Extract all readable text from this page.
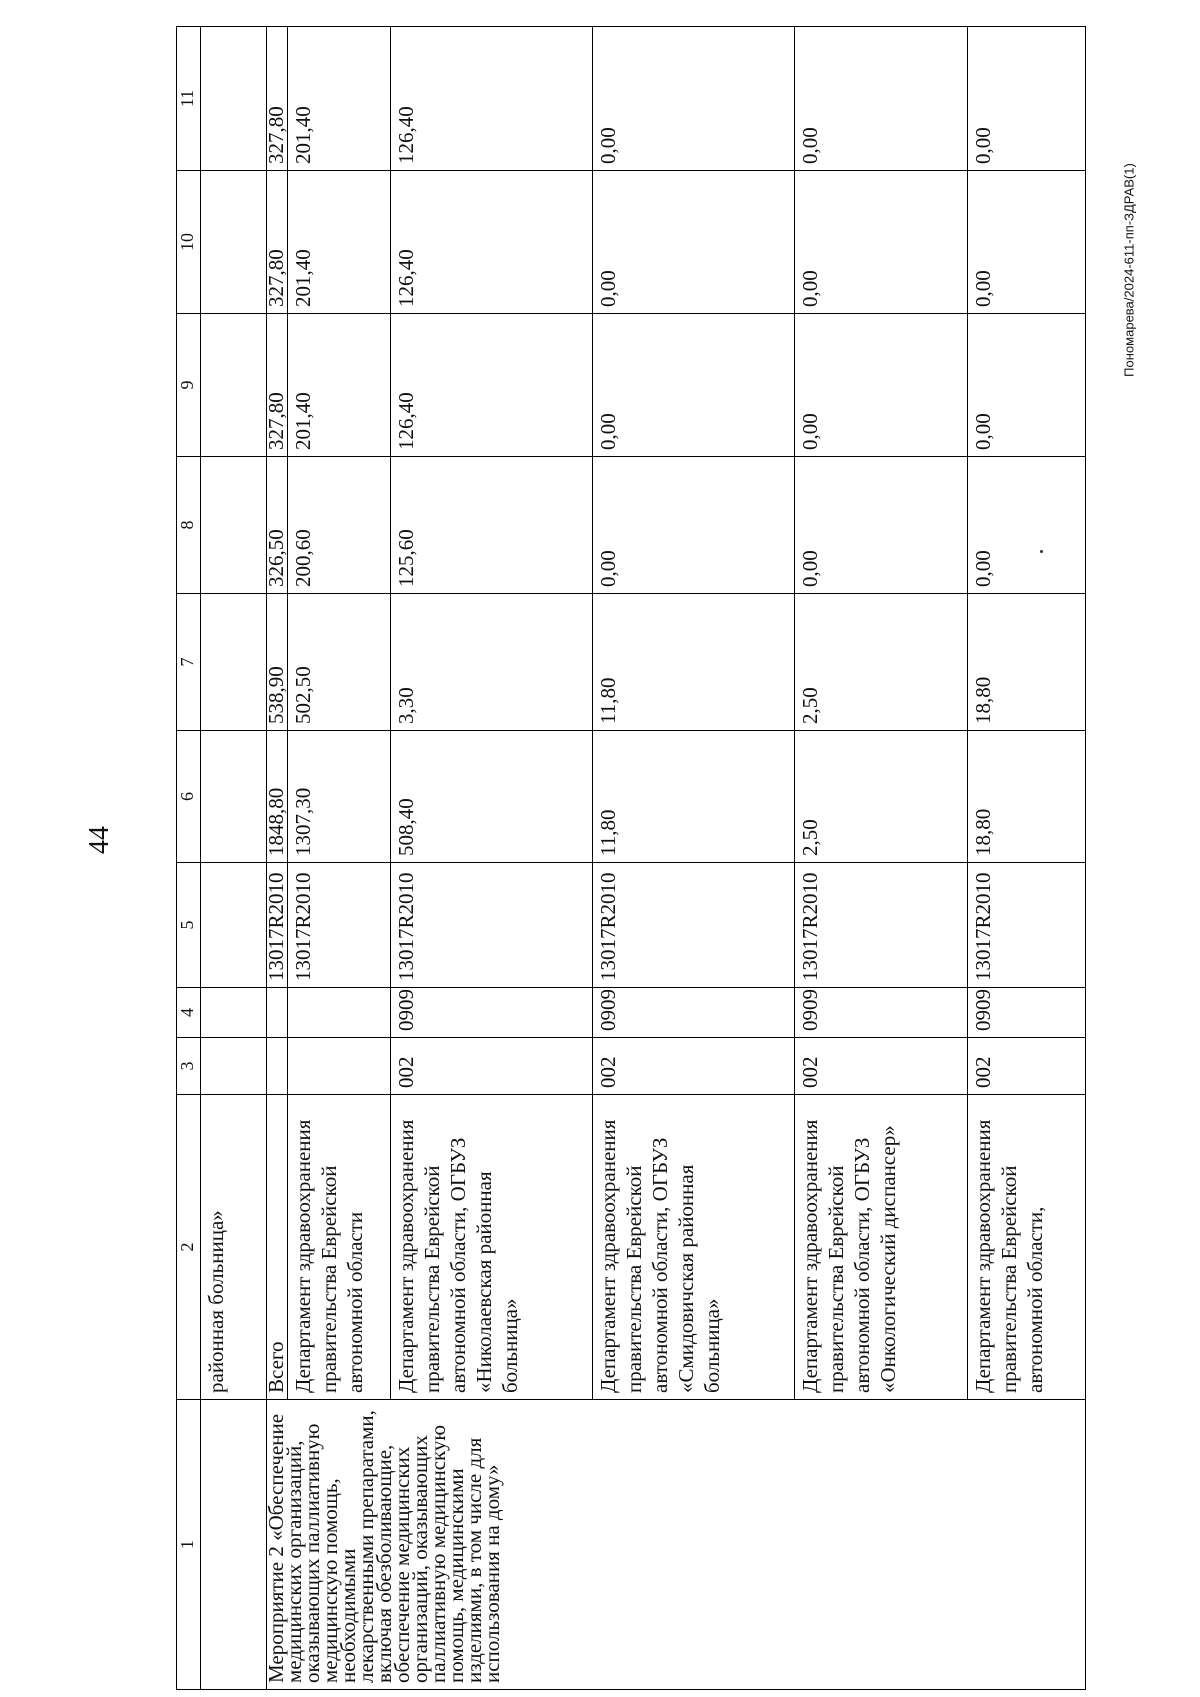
44
Пономарева/2024-611-пп-ЗДРАВ(1)
1	2	3	4	5	6	7	8	9	10	11
	районная больница»									
Мероприятие 2 «Обеспечение медицинских организаций, оказывающих паллиативную медицинскую помощь, необходимыми лекарственными препаратами, включая обезболивающие, обеспечение медицинских организаций, оказывающих паллиативную медицинскую помощь, медицинскими изделиями, в том числе для использования на дому»	Всего			13017R2010	1848,80	538,90	326,50	327,80	327,80	327,80
	Департамент здравоохранения правительства Еврейской автономной области			13017R2010	1307,30	502,50	200,60	201,40	201,40	201,40
	Департамент здравоохранения правительства Еврейской автономной области, ОГБУЗ «Николаевская районная больница»	002	0909	13017R2010	508,40	3,30	125,60	126,40	126,40	126,40
	Департамент здравоохранения правительства Еврейской автономной области, ОГБУЗ «Смидовичская районная больница»	002	0909	13017R2010	11,80	11,80	0,00	0,00	0,00	0,00
	Департамент здравоохранения правительства Еврейской автономной области, ОГБУЗ «Онкологический диспансер»	002	0909	13017R2010	2,50	2,50	0,00	0,00	0,00	0,00
	Департамент здравоохранения правительства Еврейской автономной области,	002	0909	13017R2010	18,80	18,80	0,00	0,00	0,00	0,00
